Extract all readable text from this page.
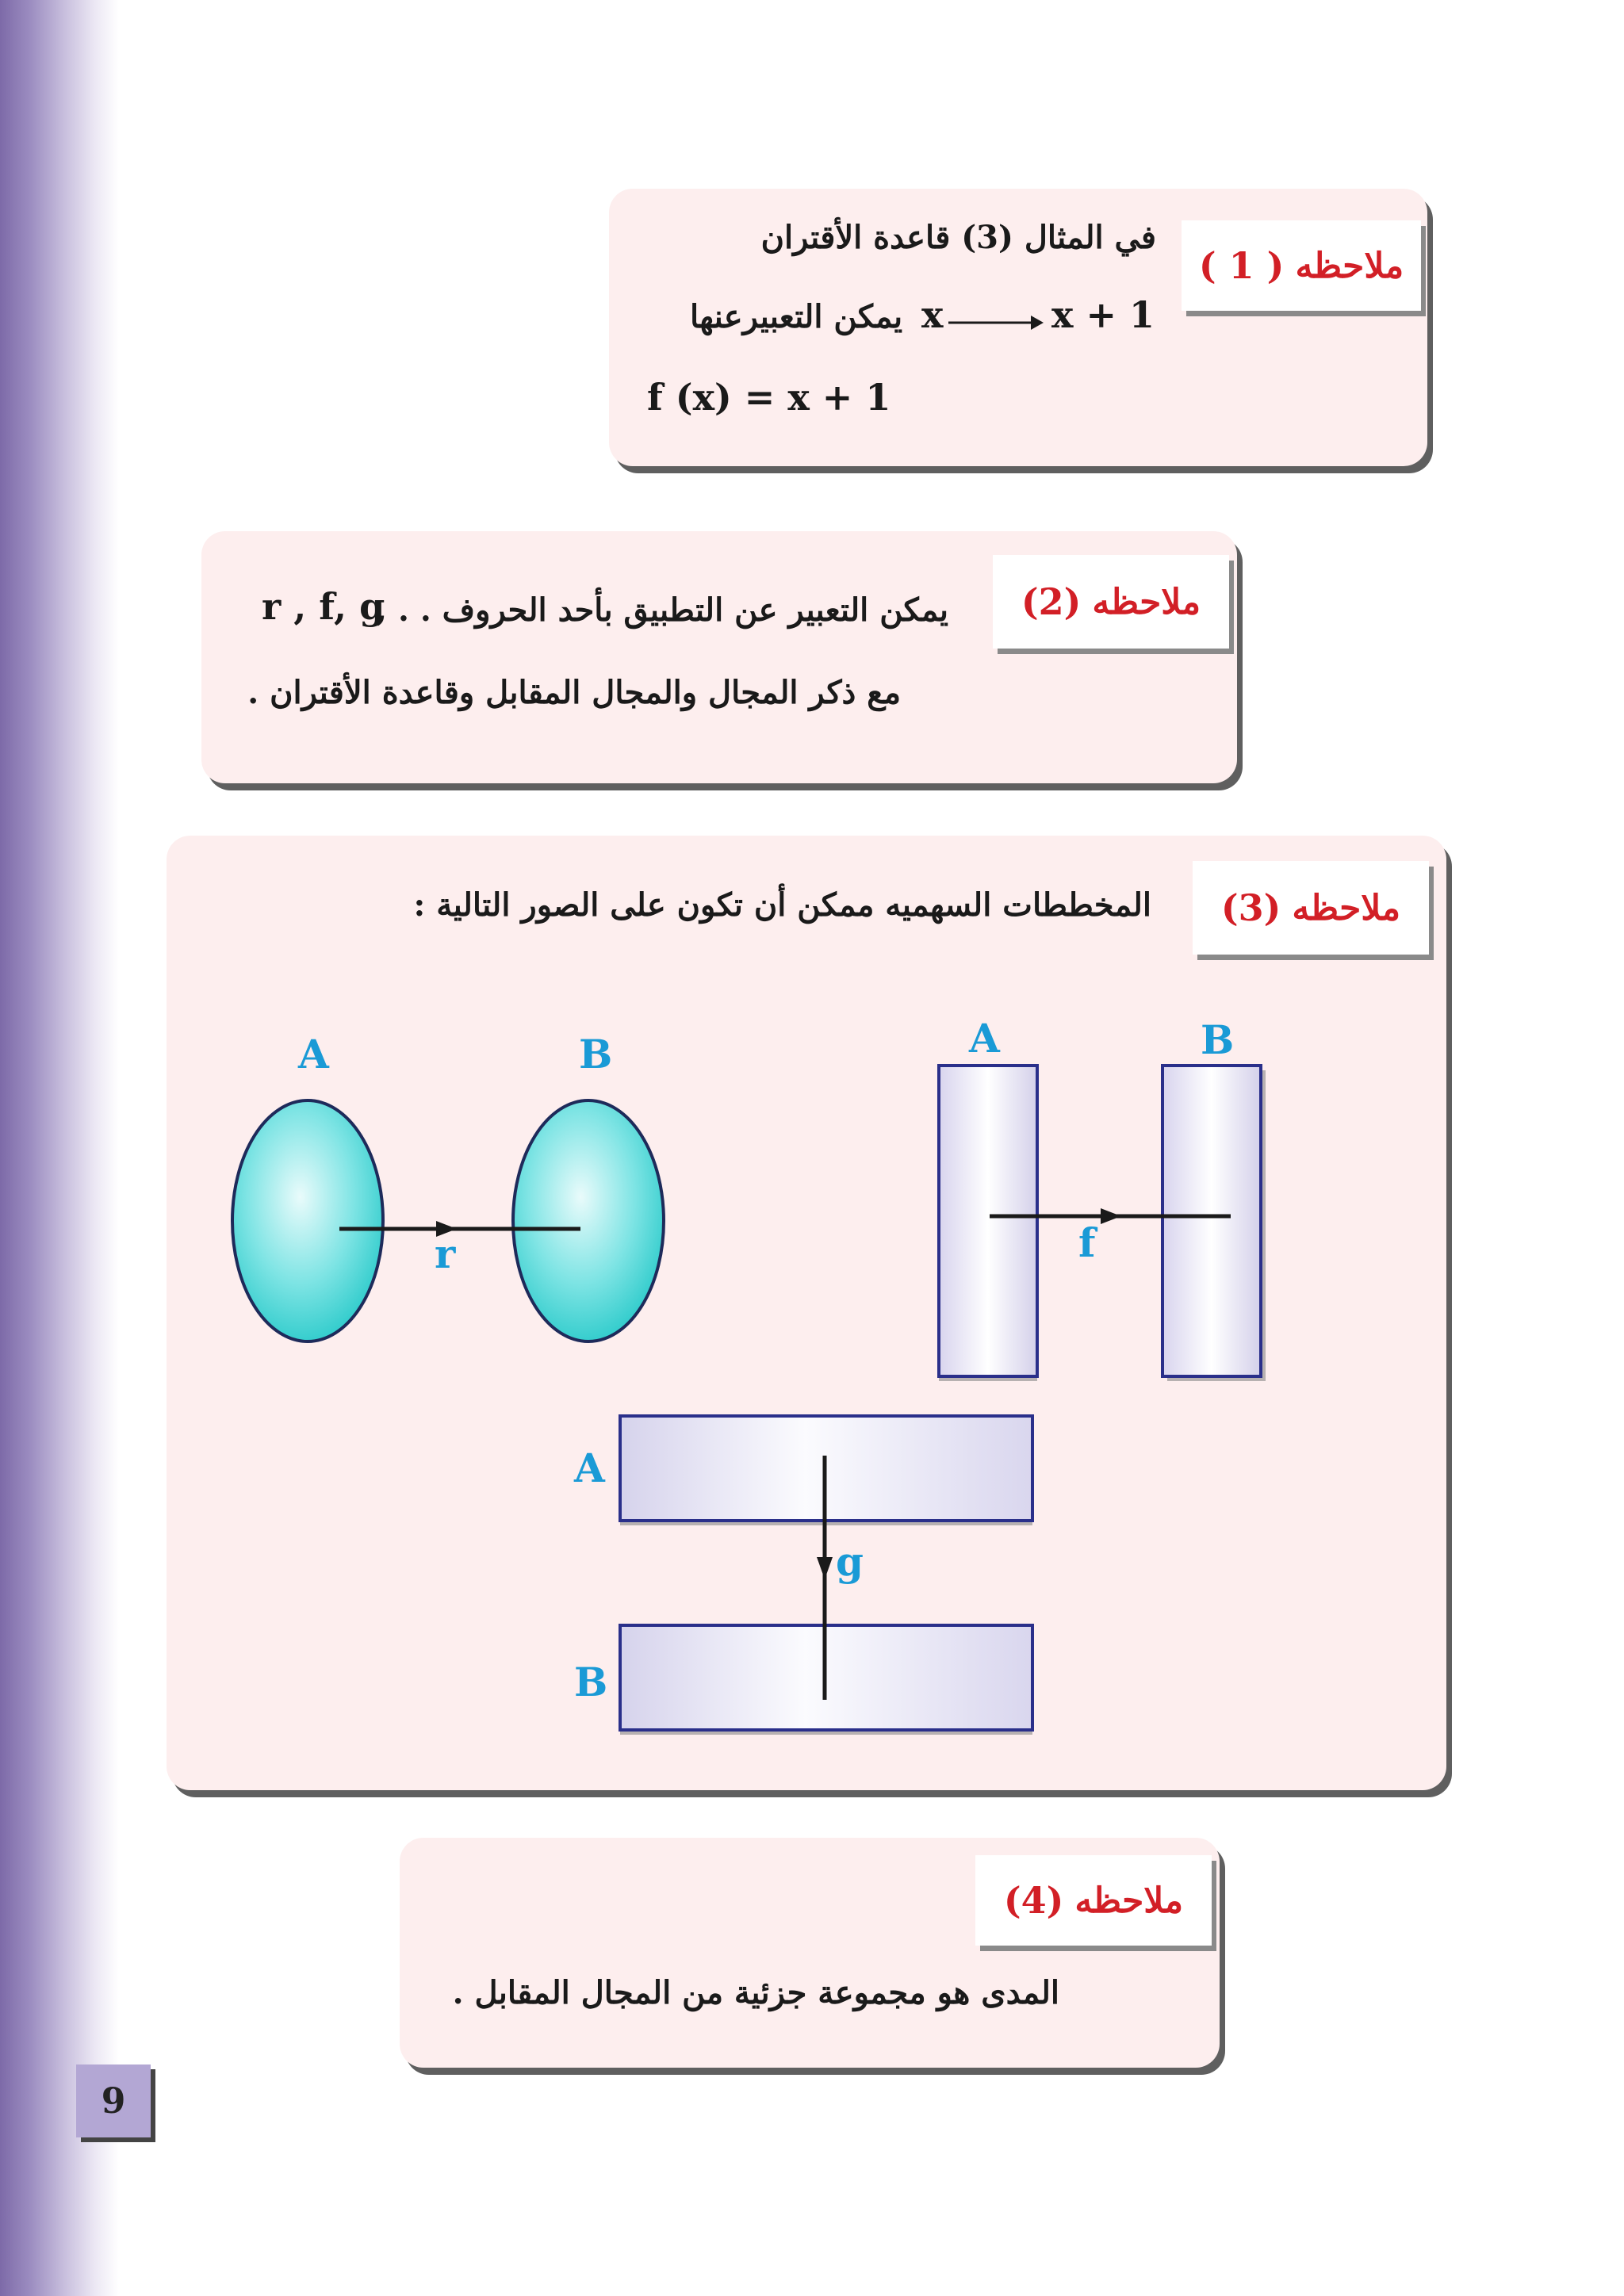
ملاحظه
( 1 )
في المثال (3) قاعدة الأقتران
يمكن التعبيرعنها x	x + 1
f (x) = x + 1
ملاحظه
(2)
يمكن التعبير عن التطبيق بأحد الحروف . . ,
r , f, g
مع ذكر المجال والمجال المقابل وقاعدة الأقتران .
ملاحظه
(3)
المخططات السهميه ممكن أن تكون على الصور التالية :
A	B
r
A	B
f
A
B
g
ملاحظه
(4)
المدى هو مجموعة جزئية من المجال المقابل .
9
